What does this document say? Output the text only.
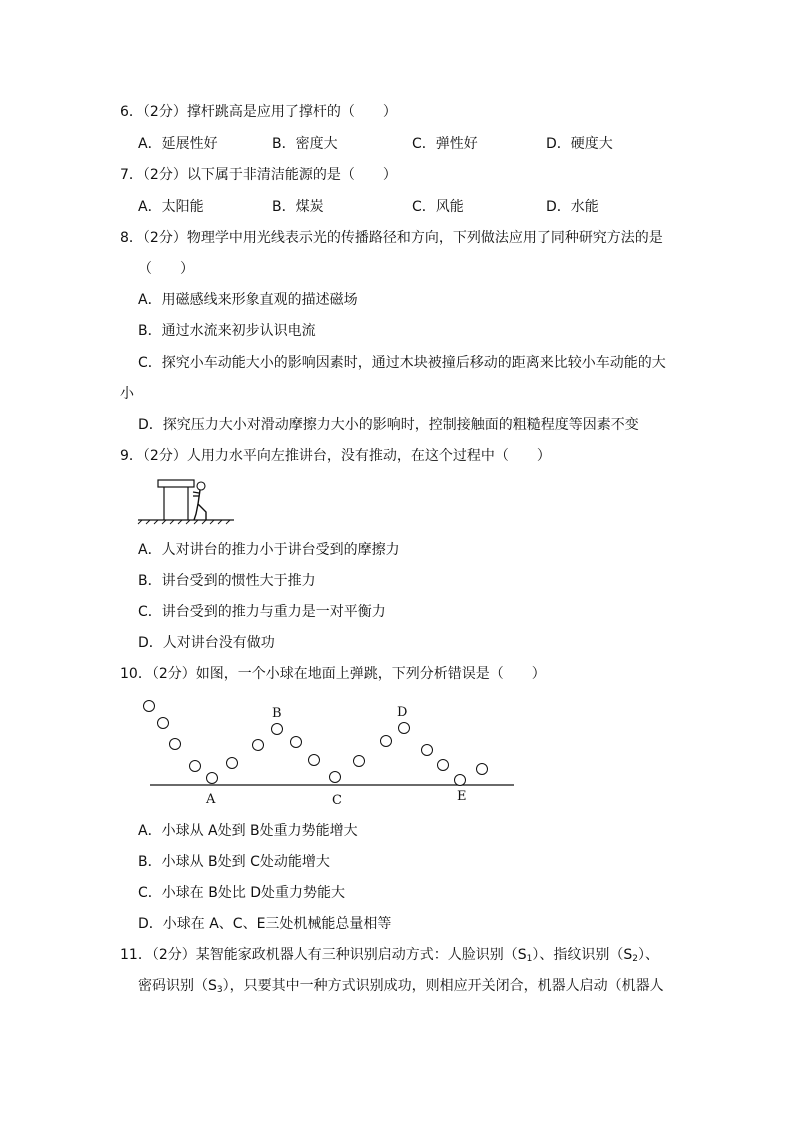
6．（2分）撑杆跳高是应用了撑杆的（　　）
A．延展性好	B．密度大	C．弹性好	D．硬度大
7．（2分）以下属于非清洁能源的是（　　）
A．太阳能	B．煤炭	C．风能	D．水能
8．（2分）物理学中用光线表示光的传播路径和方向，下列做法应用了同种研究方法的是
（　　）
A．用磁感线来形象直观的描述磁场
B．通过水流来初步认识电流
C．探究小车动能大小的影响因素时，通过木块被撞后移动的距离来比较小车动能的大
小
D．探究压力大小对滑动摩擦力大小的影响时，控制接触面的粗糙程度等因素不变
9．（2分）人用力水平向左推讲台，没有推动，在这个过程中（　　）
A．人对讲台的推力小于讲台受到的摩擦力
B．讲台受到的惯性大于推力
C．讲台受到的推力与重力是一对平衡力
D．人对讲台没有做功
10．（2分）如图，一个小球在地面上弹跳，下列分析错误是（　　）
A
B
C
D
E
A．小球从 A处到 B处重力势能增大
B．小球从 B处到 C处动能增大
C．小球在 B处比 D处重力势能大
D．小球在 A、C、E三处机械能总量相等
11．（2分）某智能家政机器人有三种识别启动方式：人脸识别$(S_1)$、指纹识别$(S_2)$、
密码识别$(S_3)$，只要其中一种方式识别成功，则相应开关闭合，机器人启动（机器人
